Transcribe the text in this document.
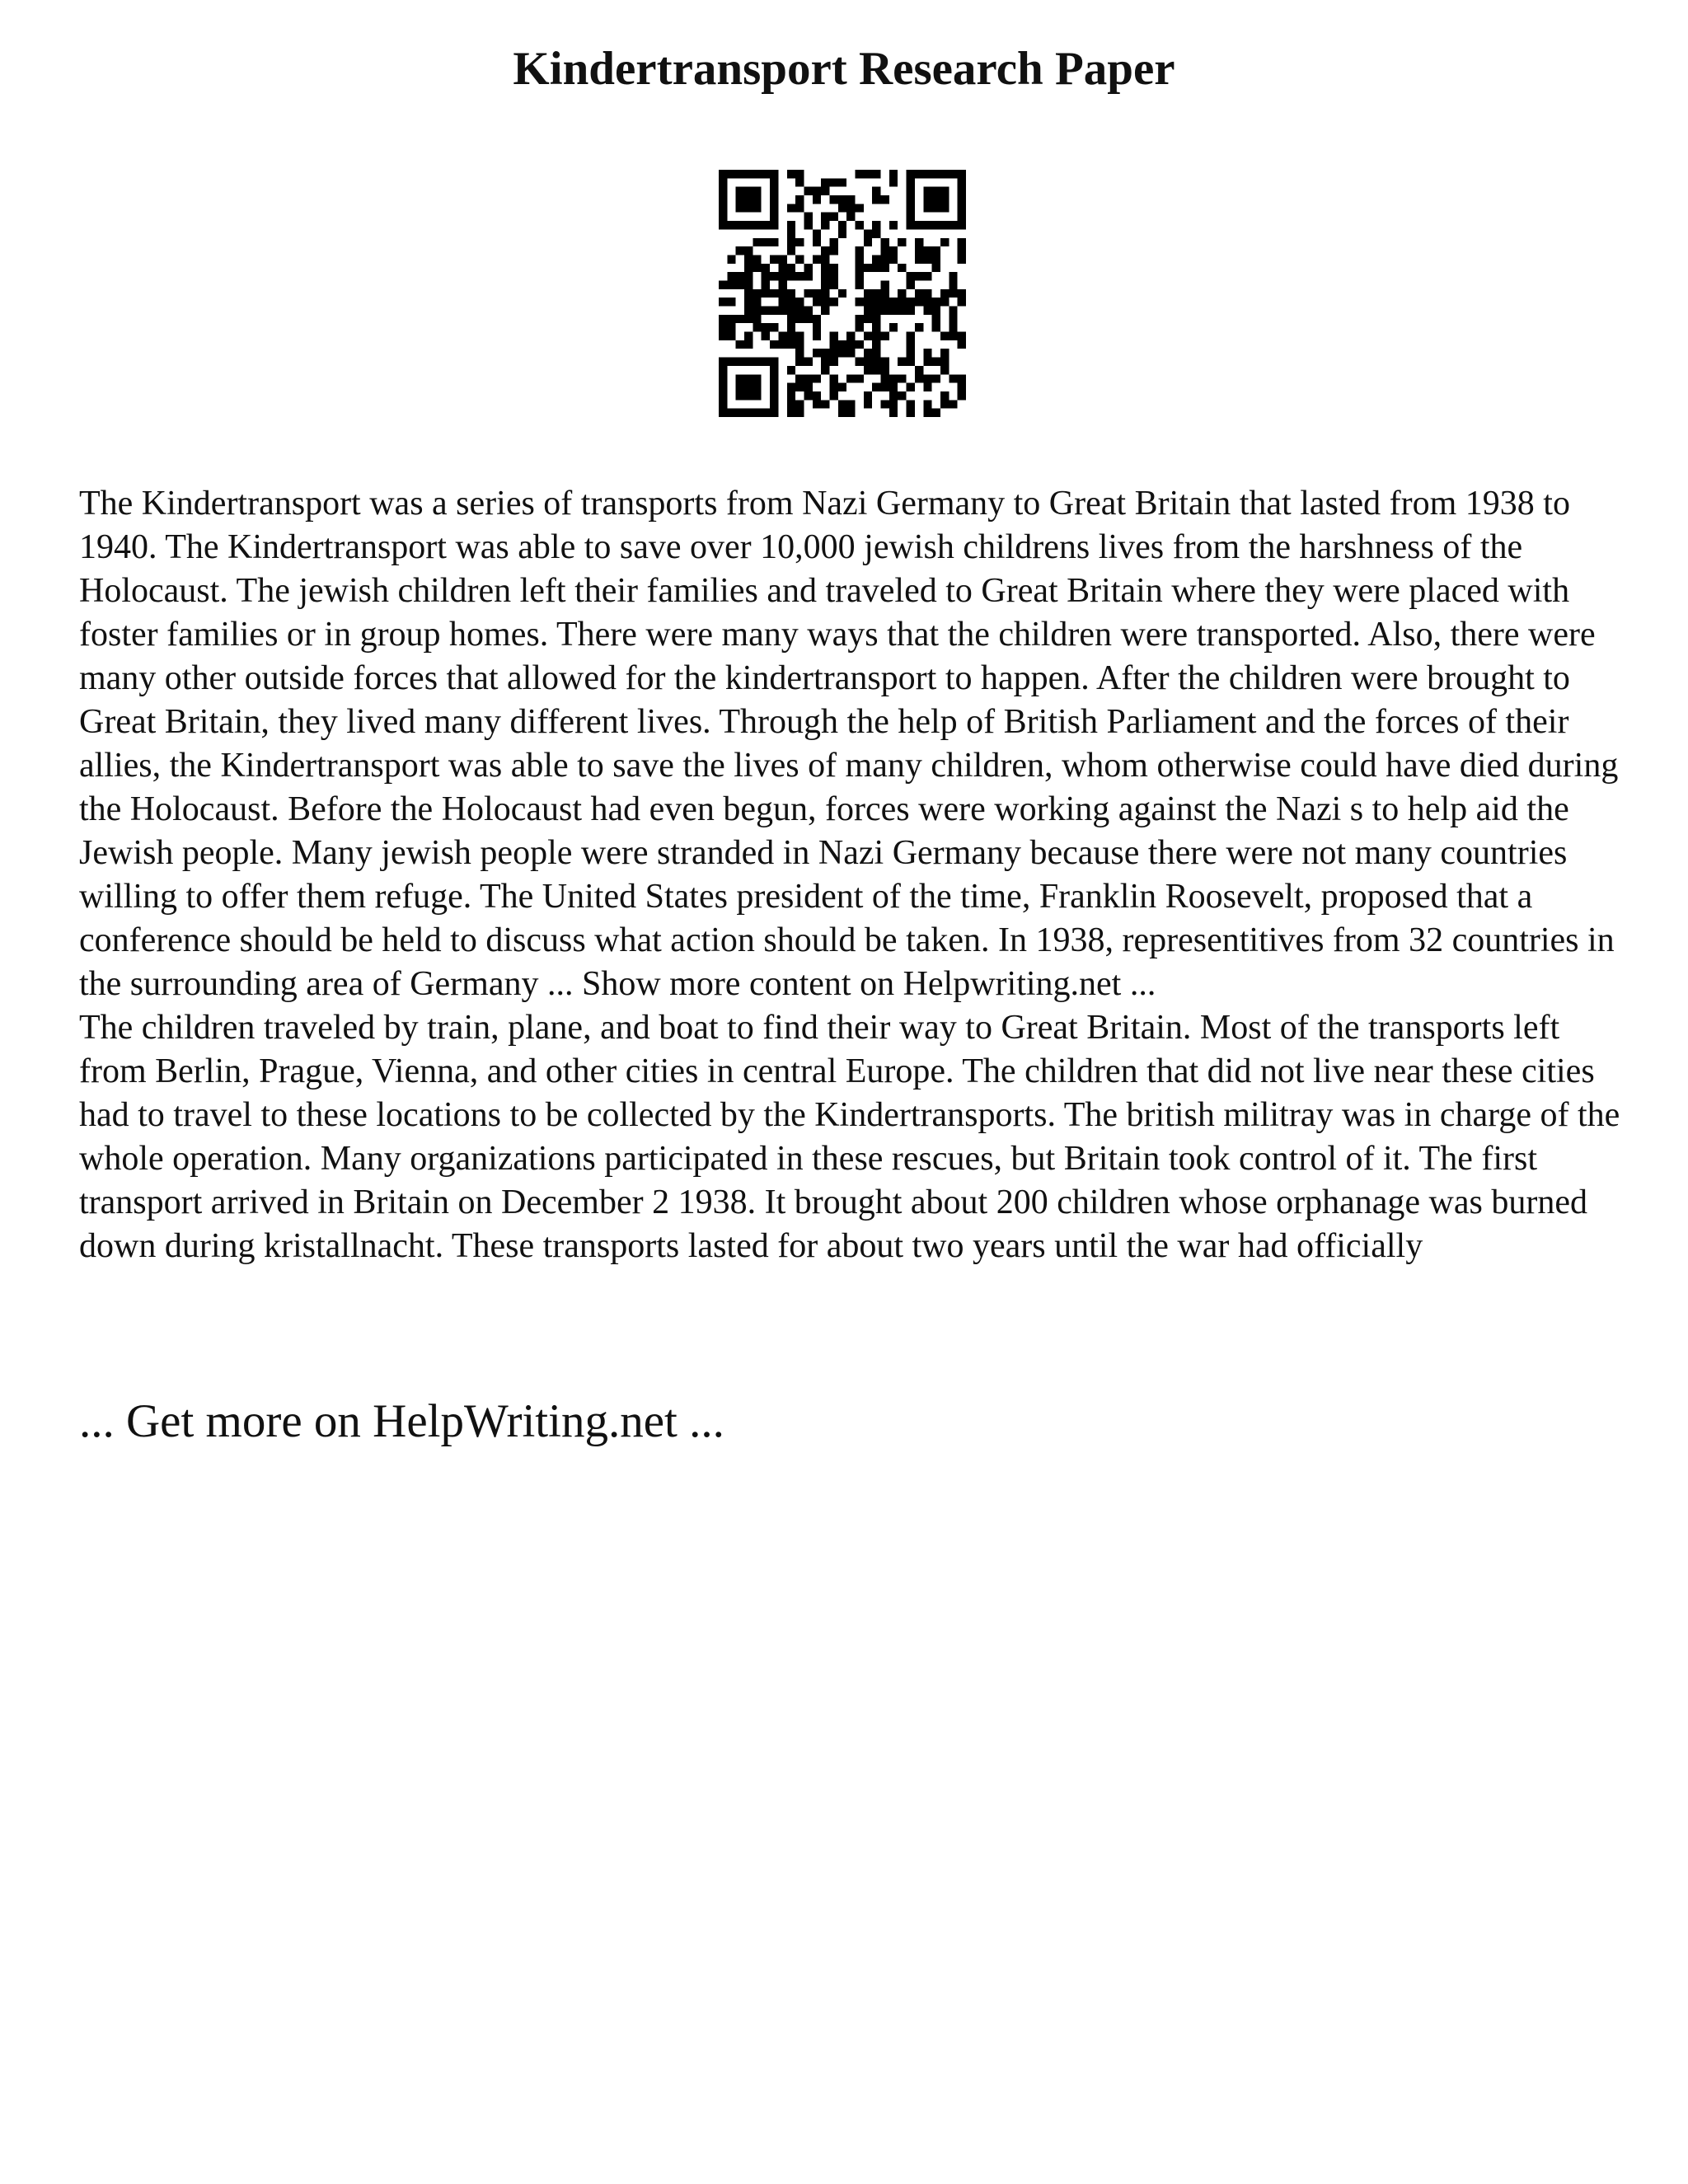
Kindertransport Research Paper

The Kindertransport was a series of transports from Nazi Germany to Great Britain that lasted from 1938 to 1940. The Kindertransport was able to save over 10,000 jewish childrens lives from the harshness of the Holocaust. The jewish children left their families and traveled to Great Britain where they were placed with foster families or in group homes. There were many ways that the children were transported. Also, there were many other outside forces that allowed for the kindertransport to happen. After the children were brought to Great Britain, they lived many different lives. Through the help of British Parliament and the forces of their allies, the Kindertransport was able to save the lives of many children, whom otherwise could have died during the Holocaust. Before the Holocaust had even begun, forces were working against the Nazi s to help aid the Jewish people. Many jewish people were stranded in Nazi Germany because there were not many countries willing to offer them refuge. The United States president of the time, Franklin Roosevelt, proposed that a conference should be held to discuss what action should be taken. In 1938, representitives from 32 countries in the surrounding area of Germany ... Show more content on Helpwriting.net ...

The children traveled by train, plane, and boat to find their way to Great Britain. Most of the transports left from Berlin, Prague, Vienna, and other cities in central Europe. The children that did not live near these cities had to travel to these locations to be collected by the Kindertransports. The british militray was in charge of the whole operation. Many organizations participated in these rescues, but Britain took control of it. The first transport arrived in Britain on December 2 1938. It brought about 200 children whose orphanage was burned down during kristallnacht. These transports lasted for about two years until the war had officially

... Get more on HelpWriting.net ...
